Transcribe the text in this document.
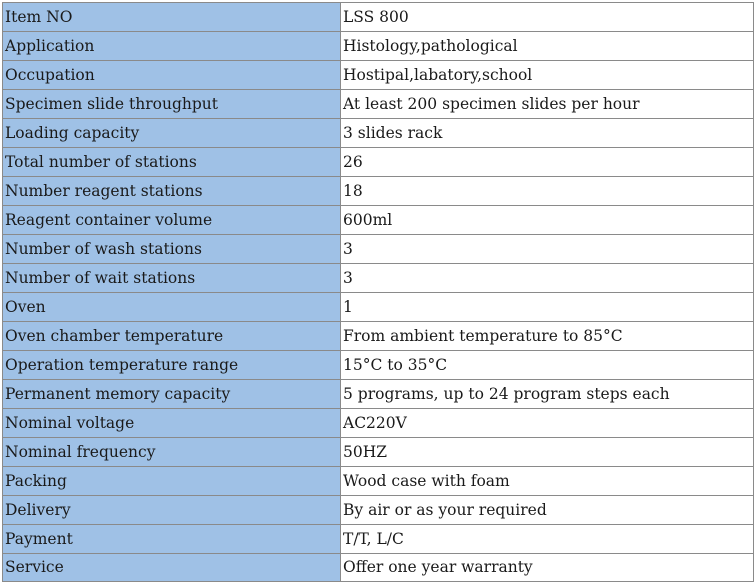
Item NO	LSS 800
Application	Histology,pathological
Occupation	Hostipal,labatory,school
Specimen slide throughput	At least 200 specimen slides per hour
Loading capacity	3 slides rack
Total number of stations	26
Number reagent stations	18
Reagent container volume	600ml
Number of wash stations	3
Number of wait stations	3
Oven	1
Oven chamber temperature	From ambient temperature to 85°C
Operation temperature range	15°C to 35°C
Permanent memory capacity	5 programs, up to 24 program steps each
Nominal voltage	AC220V
Nominal frequency	50HZ
Packing	Wood case with foam
Delivery	By air or as your required
Payment	T/T, L/C
Service	Offer one year warranty
